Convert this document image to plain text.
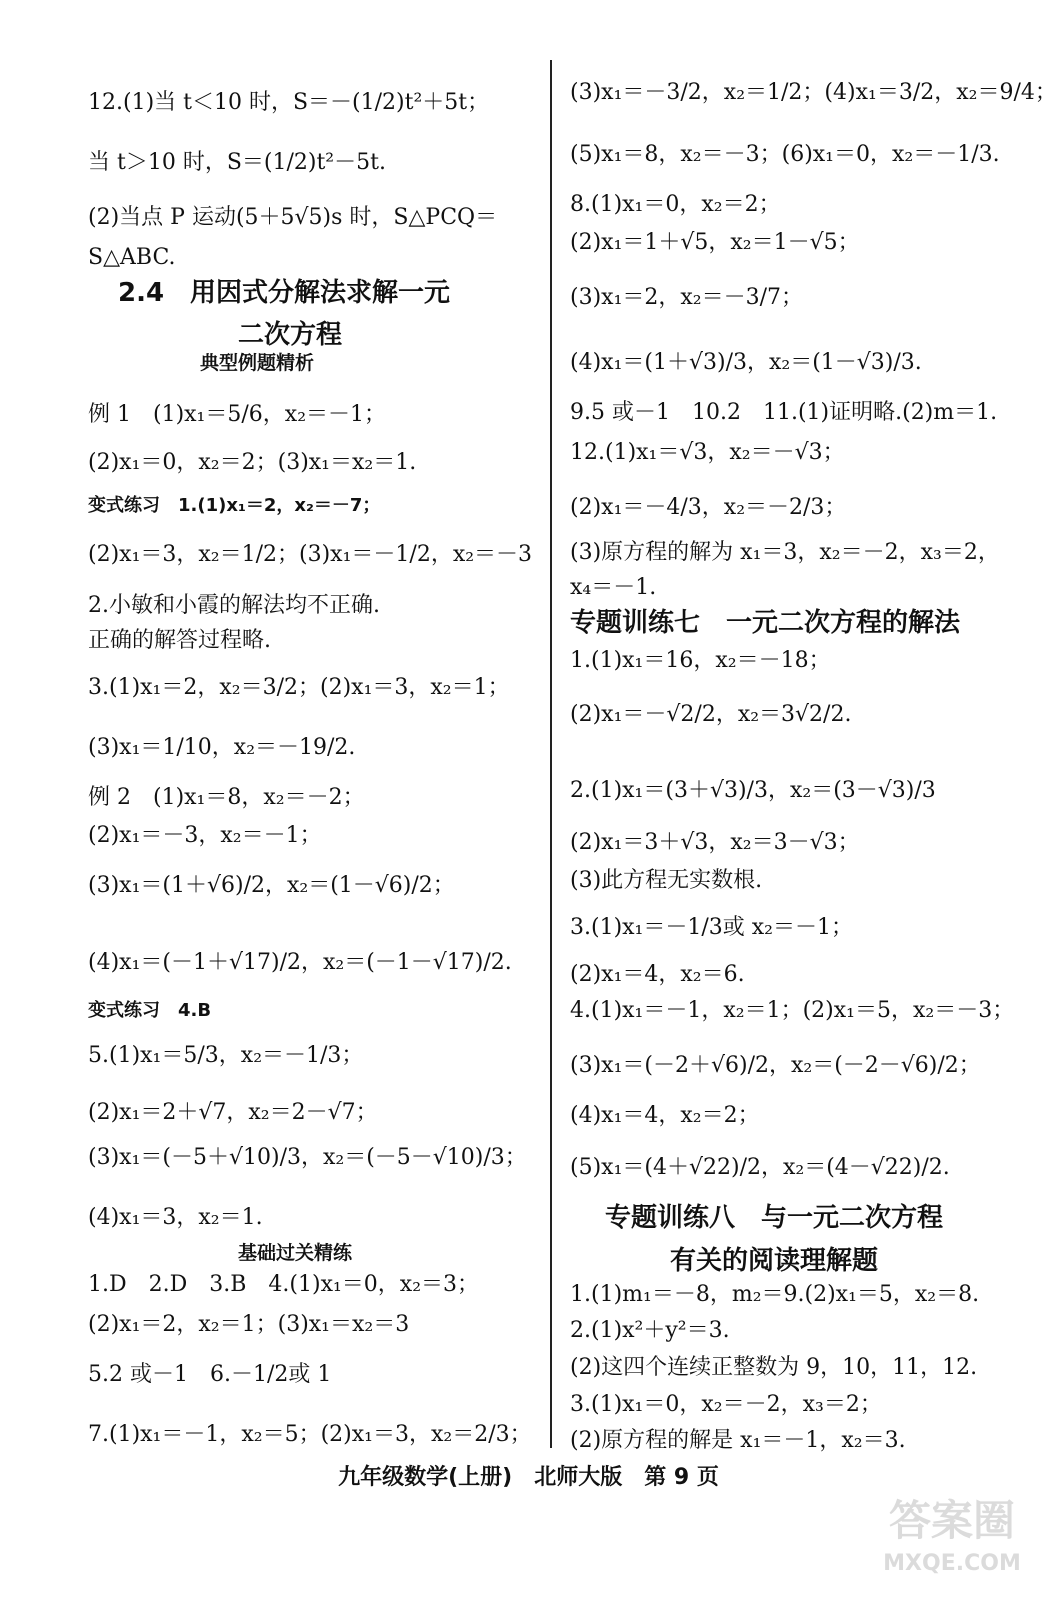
12.(1)当 t＜10 时，S＝－(1/2)t²＋5t；
当 t＞10 时，S＝(1/2)t²－5t.
(2)当点 P 运动(5＋5√5)s 时，S△PCQ＝
S△ABC.
2.4　用因式分解法求解一元
二次方程
典型例题精析
例 1　(1)x₁＝5/6，x₂＝－1；
(2)x₁＝0，x₂＝2；(3)x₁＝x₂＝1.
变式练习　1.(1)x₁＝2，x₂＝－7；
(2)x₁＝3，x₂＝1/2；(3)x₁＝－1/2，x₂＝－3
2.小敏和小霞的解法均不正确.
正确的解答过程略.
3.(1)x₁＝2，x₂＝3/2；(2)x₁＝3，x₂＝1；
(3)x₁＝1/10，x₂＝－19/2.
例 2　(1)x₁＝8，x₂＝－2；
(2)x₁＝－3，x₂＝－1；
(3)x₁＝(1＋√6)/2，x₂＝(1－√6)/2；
(4)x₁＝(－1＋√17)/2，x₂＝(－1－√17)/2.
变式练习　4.B
5.(1)x₁＝5/3，x₂＝－1/3；
(2)x₁＝2＋√7，x₂＝2－√7；
(3)x₁＝(－5＋√10)/3，x₂＝(－5－√10)/3；
(4)x₁＝3，x₂＝1.
基础过关精练
1.D　2.D　3.B　4.(1)x₁＝0，x₂＝3；
(2)x₁＝2，x₂＝1；(3)x₁＝x₂＝3
5.2 或－1　6.－1/2或 1
7.(1)x₁＝－1，x₂＝5；(2)x₁＝3，x₂＝2/3；
(3)x₁＝－3/2，x₂＝1/2；(4)x₁＝3/2，x₂＝9/4；
(5)x₁＝8，x₂＝－3；(6)x₁＝0，x₂＝－1/3.
8.(1)x₁＝0，x₂＝2；
(2)x₁＝1＋√5，x₂＝1－√5；
(3)x₁＝2，x₂＝－3/7；
(4)x₁＝(1＋√3)/3，x₂＝(1－√3)/3.
9.5 或－1　10.2　11.(1)证明略.(2)m＝1.
12.(1)x₁＝√3，x₂＝－√3；
(2)x₁＝－4/3，x₂＝－2/3；
(3)原方程的解为 x₁＝3，x₂＝－2，x₃＝2，
x₄＝－1.
专题训练七　一元二次方程的解法
1.(1)x₁＝16，x₂＝－18；
(2)x₁＝－√2/2，x₂＝3√2/2.
2.(1)x₁＝(3＋√3)/3，x₂＝(3－√3)/3
(2)x₁＝3＋√3，x₂＝3－√3；
(3)此方程无实数根.
3.(1)x₁＝－1/3或 x₂＝－1；
(2)x₁＝4，x₂＝6.
4.(1)x₁＝－1，x₂＝1；(2)x₁＝5，x₂＝－3；
(3)x₁＝(－2＋√6)/2，x₂＝(－2－√6)/2；
(4)x₁＝4，x₂＝2；
(5)x₁＝(4＋√22)/2，x₂＝(4－√22)/2.
专题训练八　与一元二次方程
有关的阅读理解题
1.(1)m₁＝－8，m₂＝9.(2)x₁＝5，x₂＝8.
2.(1)x²＋y²＝3.
(2)这四个连续正整数为 9，10，11，12.
3.(1)x₁＝0，x₂＝－2，x₃＝2；
(2)原方程的解是 x₁＝－1，x₂＝3.
九年级数学(上册)　北师大版　第 9 页
答案圈
MXQE.COM
